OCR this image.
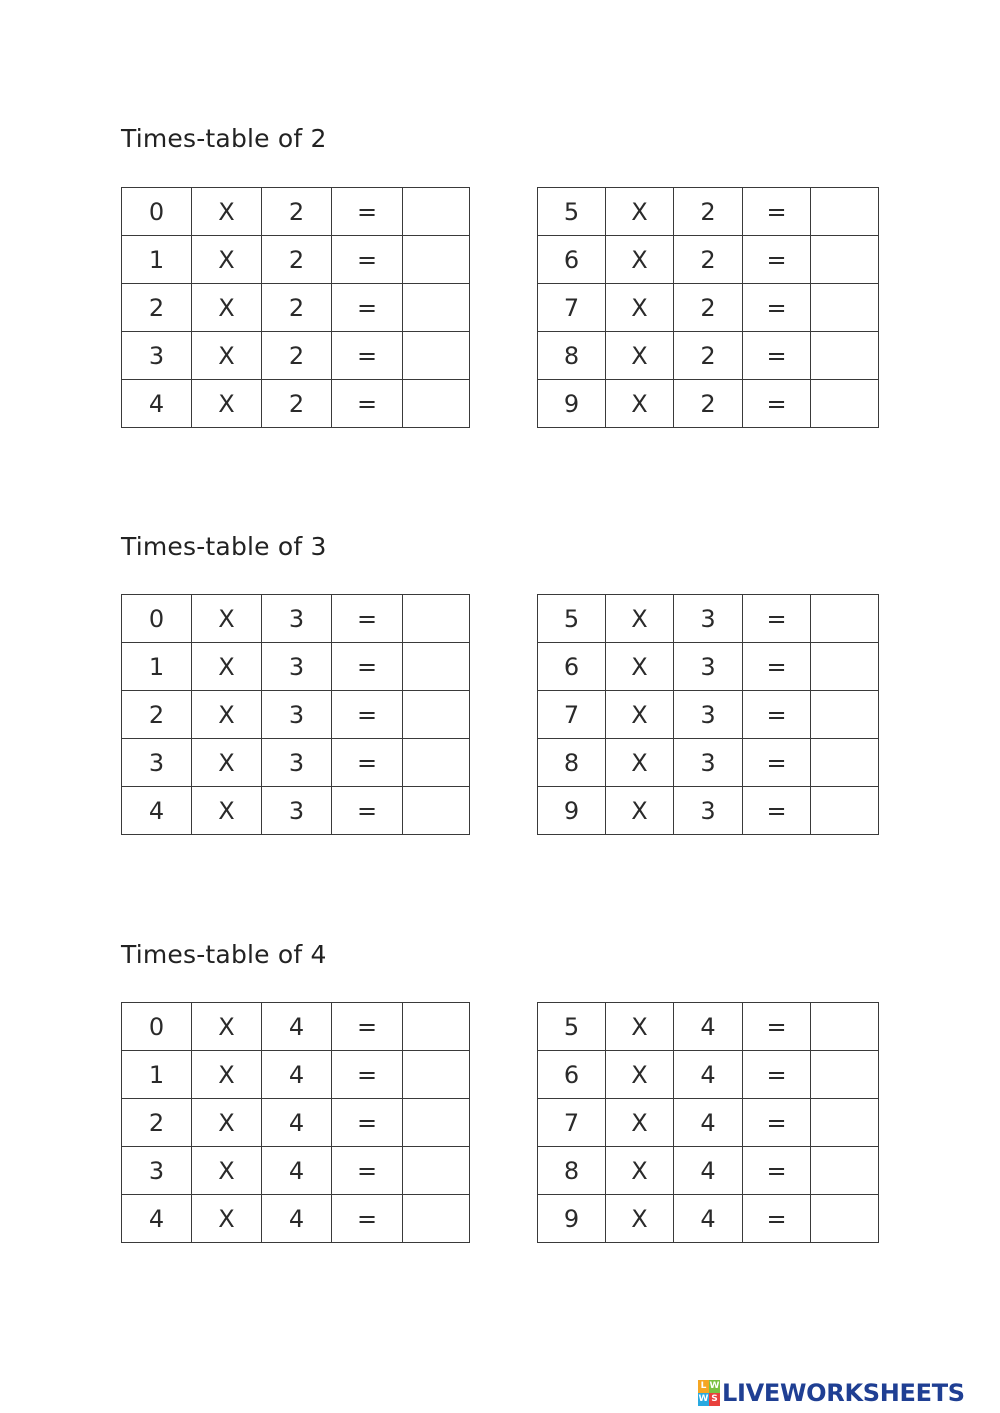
Times-table of 2
0	X	2	=	
1	X	2	=	
2	X	2	=	
3	X	2	=	
4	X	2	=	
5	X	2	=	
6	X	2	=	
7	X	2	=	
8	X	2	=	
9	X	2	=	
Times-table of 3
0	X	3	=	
1	X	3	=	
2	X	3	=	
3	X	3	=	
4	X	3	=	
5	X	3	=	
6	X	3	=	
7	X	3	=	
8	X	3	=	
9	X	3	=	
Times-table of 4
0	X	4	=	
1	X	4	=	
2	X	4	=	
3	X	4	=	
4	X	4	=	
5	X	4	=	
6	X	4	=	
7	X	4	=	
8	X	4	=	
9	X	4	=	
L W
W S LIVEWORKSHEETS
